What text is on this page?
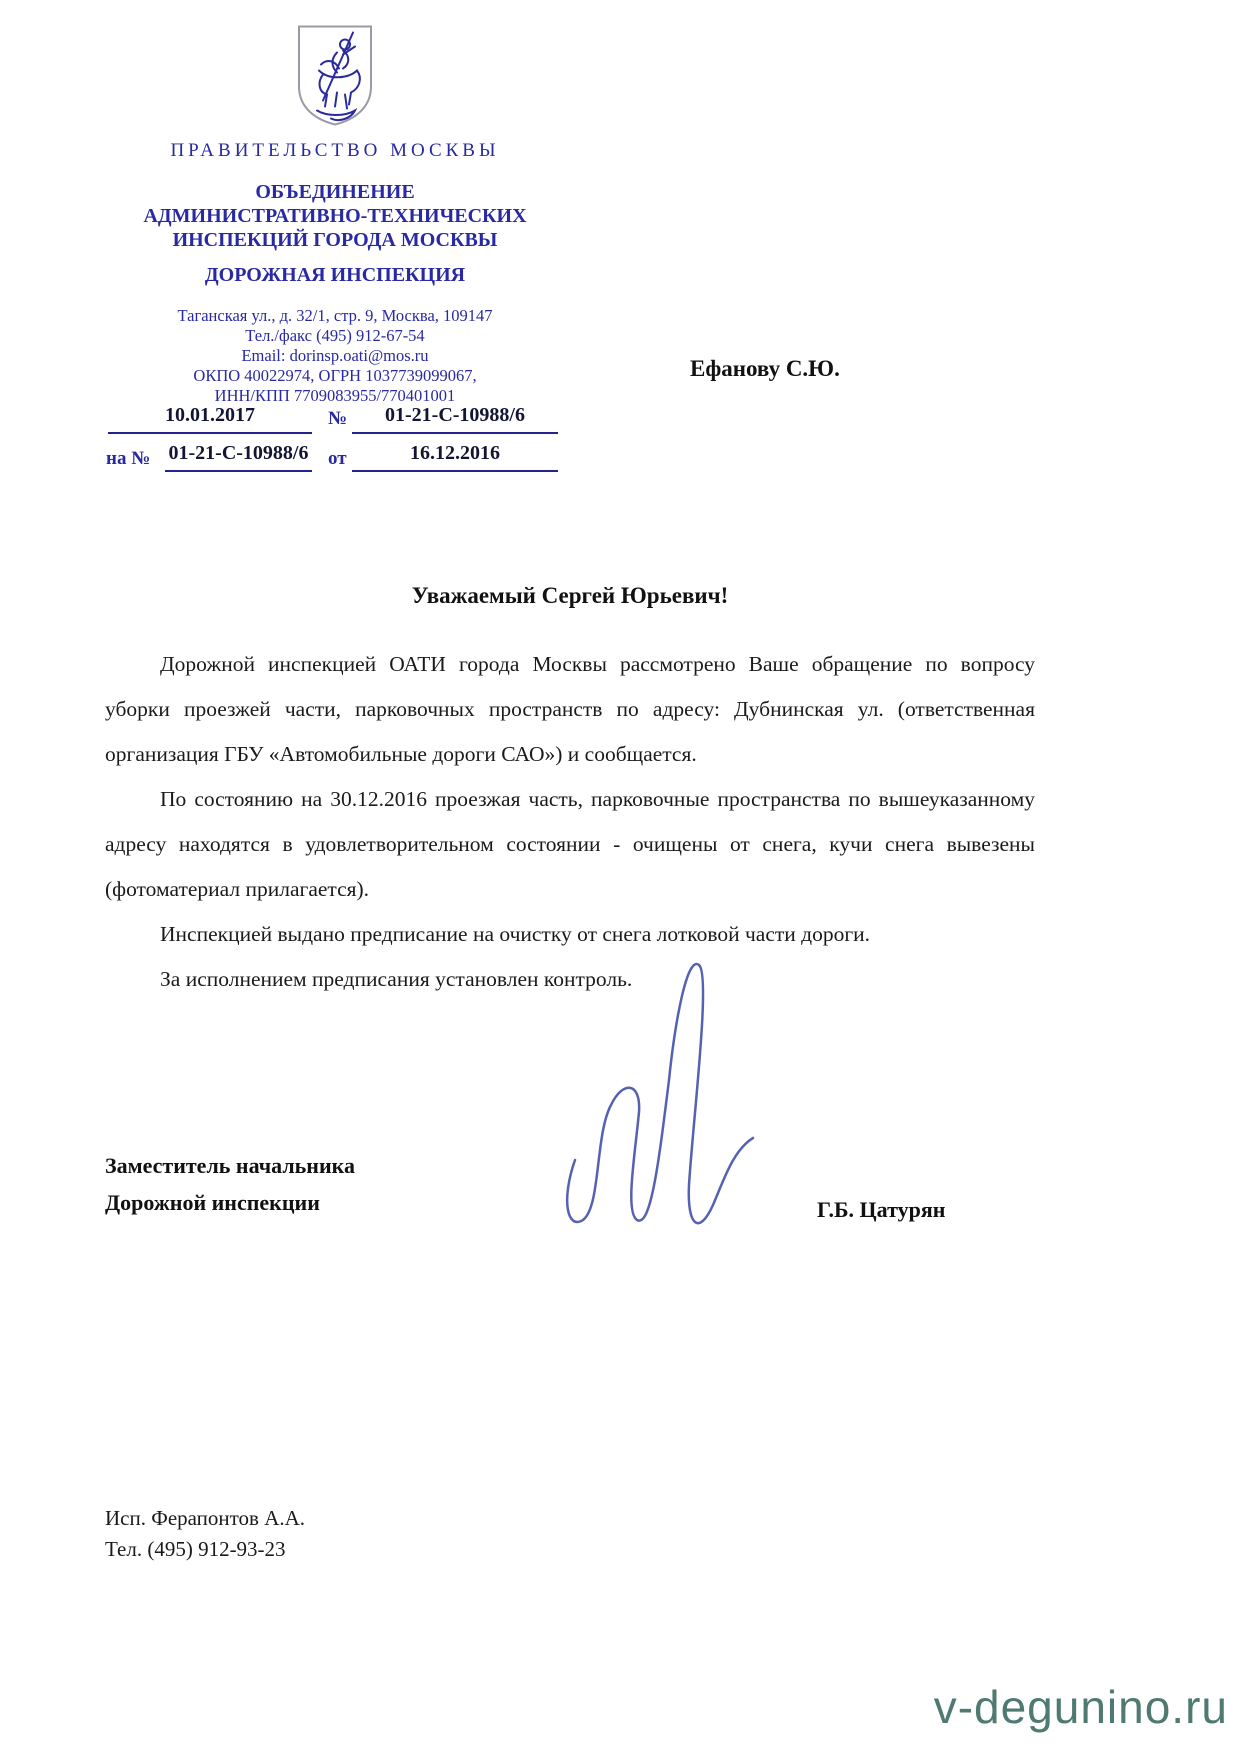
ПРАВИТЕЛЬСТВО МОСКВЫ
ОБЪЕДИНЕНИЕ
АДМИНИСТРАТИВНО-ТЕХНИЧЕСКИХ
ИНСПЕКЦИЙ ГОРОДА МОСКВЫ
ДОРОЖНАЯ ИНСПЕКЦИЯ
Таганская ул., д. 32/1, стр. 9, Москва, 109147
Тел./факс (495) 912-67-54
Email: dorinsp.oati@mos.ru
ОКПО 40022974, ОГРН 1037739099067,
ИНН/КПП 7709083955/770401001
Ефанову С.Ю.
10.01.2017	№	01-21-С-10988/6
на № 01-21-С-10988/6 от	16.12.2016
Уважаемый Сергей Юрьевич!

Дорожной инспекцией ОАТИ города Москвы рассмотрено Ваше обращение по вопросу уборки проезжей части, парковочных пространств по адресу: Дубнинская ул. (ответственная организация ГБУ «Автомобильные дороги САО») и сообщается.

По состоянию на 30.12.2016 проезжая часть, парковочные пространства по вышеуказанному адресу находятся в удовлетворительном состоянии - очищены от снега, кучи снега вывезены (фотоматериал прилагается).

Инспекцией выдано предписание на очистку от снега лотковой части дороги.

За исполнением предписания установлен контроль.

Заместитель начальника
Дорожной инспекции	Г.Б. Цатурян
Исп. Ферапонтов А.А.
Тел. (495) 912-93-23
v-degunino.ru
